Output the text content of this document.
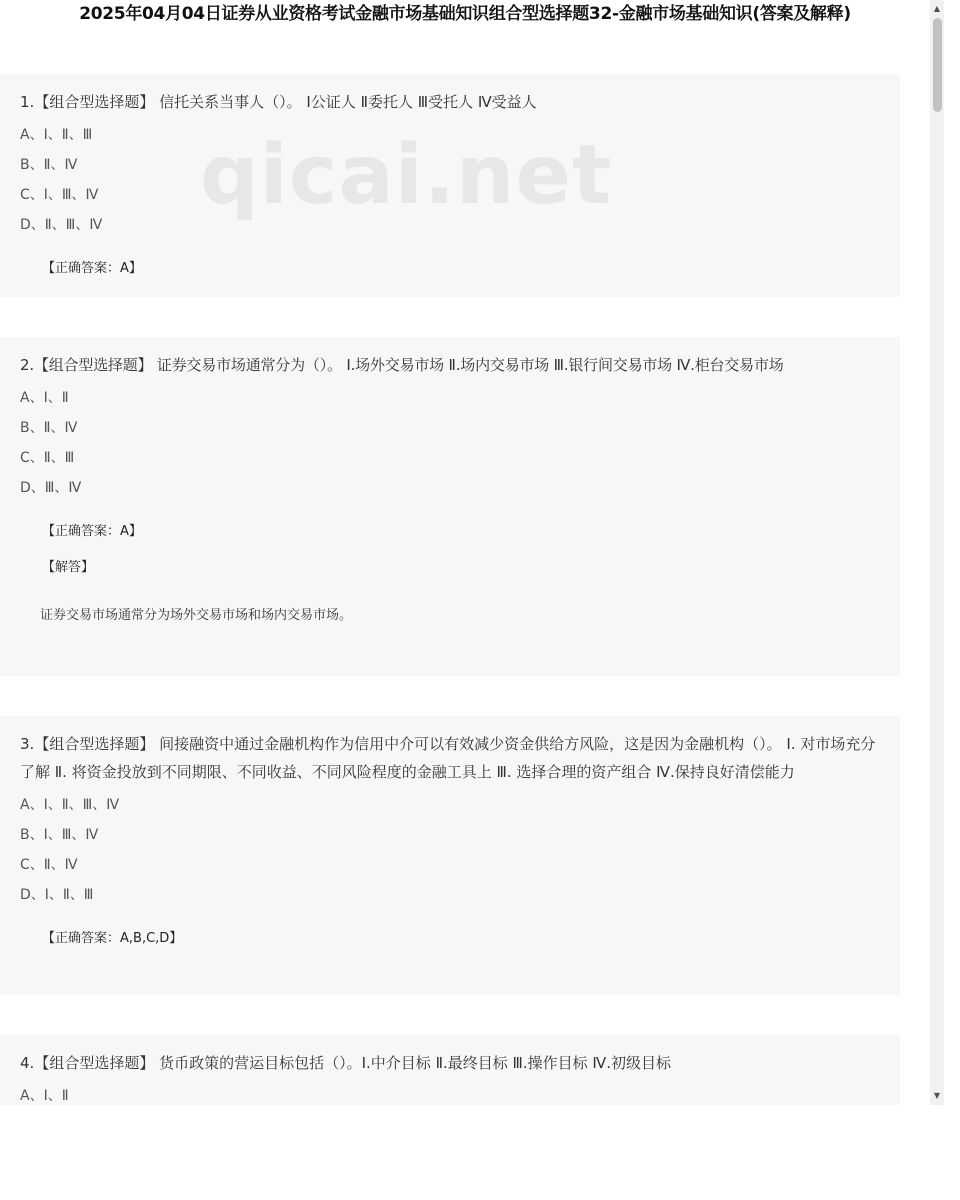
2025年04月04日证券从业资格考试金融市场基础知识组合型选择题32-金融市场基础知识(答案及解释)

1.【组合型选择题】 信托关系当事人（）。 Ⅰ公证人 Ⅱ委托人 Ⅲ受托人 Ⅳ受益人

A、Ⅰ、Ⅱ、Ⅲ

B、Ⅱ、Ⅳ

C、Ⅰ、Ⅲ、Ⅳ

D、Ⅱ、Ⅲ、Ⅳ

【正确答案：A】

2.【组合型选择题】 证券交易市场通常分为（）。 Ⅰ.场外交易市场 Ⅱ.场内交易市场 Ⅲ.银行间交易市场 Ⅳ.柜台交易市场

A、Ⅰ、Ⅱ

B、Ⅱ、Ⅳ

C、Ⅱ、Ⅲ

D、Ⅲ、Ⅳ

【正确答案：A】

【解答】

证券交易市场通常分为场外交易市场和场内交易市场。

3.【组合型选择题】 间接融资中通过金融机构作为信用中介可以有效减少资金供给方风险，这是因为金融机构（）。 Ⅰ. 对市场充分了解 Ⅱ. 将资金投放到不同期限、不同收益、不同风险程度的金融工具上 Ⅲ. 选择合理的资产组合 Ⅳ.保持良好清偿能力

A、Ⅰ、Ⅱ、Ⅲ、Ⅳ

B、Ⅰ、Ⅲ、Ⅳ

C、Ⅱ、Ⅳ

D、Ⅰ、Ⅱ、Ⅲ

【正确答案：A,B,C,D】

4.【组合型选择题】 货币政策的营运目标包括（）。Ⅰ.中介目标 Ⅱ.最终目标 Ⅲ.操作目标 Ⅳ.初级目标

A、Ⅰ、Ⅱ

qicai.net
▲
▼
